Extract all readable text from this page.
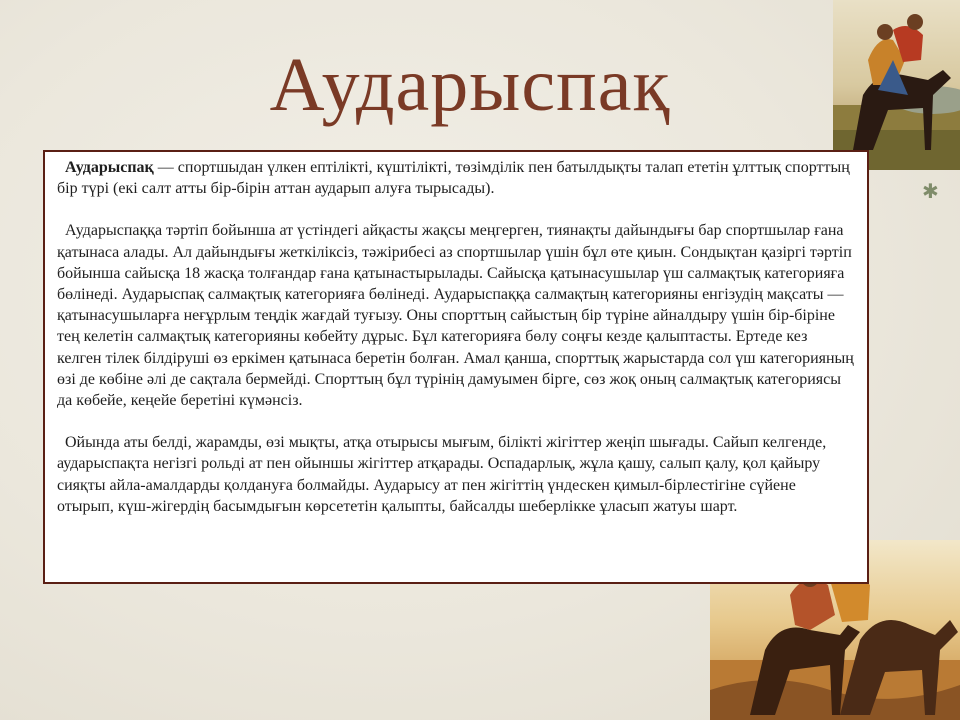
Аударыспақ
✱

Аударыспақ — спортшыдан үлкен ептілікті, күштілікті, төзімділік пен батылдықты талап ететін ұлттық спорттың бір түрі (екі салт атты бір-бірін аттан аударып алуға тырысады).

Аударыспаққа тәртіп бойынша ат үстіндегі айқасты жақсы меңгерген, тиянақты дайындығы бар спортшылар ғана қатынаса алады. Ал дайындығы жеткіліксіз, тәжірибесі аз спортшылар үшін бұл өте қиын. Сондықтан қазіргі тәртіп бойынша сайысқа 18 жасқа толғандар ғана қатынастырылады. Сайысқа қатынасушылар үш салмақтық категорияға бөлінеді. Аударыспақ салмақтық категорияға бөлінеді. Аударыспаққа салмақтың категорияны енгізудің мақсаты — қатынасушыларға неғұрлым теңдік жағдай туғызу. Оны спорттың сайыстың бір түріне айналдыру үшін бір-біріне тең келетін салмақтық категорияны көбейту дұрыс. Бұл категорияға бөлу соңғы кезде қалыптасты. Ертеде кез келген тілек білдіруші өз еркімен қатынаса беретін болған. Амал қанша, спорттық жарыстарда сол үш категорияның өзі де көбіне әлі де сақтала бермейді. Спорттың бұл түрінің дамуымен бірге, сөз жоқ оның салмақтық категориясы да көбейе, кеңейе беретіні күмәнсіз.

Ойында аты белді, жарамды, өзі мықты, атқа отырысы мығым, білікті жігіттер жеңіп шығады. Сайып келгенде, аударыспақта негізгі рольді ат пен ойыншы жігіттер атқарады. Оспадарлық, жұла қашу, салып қалу, қол қайыру сияқты айла-амалдарды қолдануға болмайды. Аударысу ат пен жігіттің үндескен қимыл-бірлестігіне сүйене отырып, күш-жігердің басымдығын көрсететін қалыпты, байсалды шеберлікке ұласып жатуы шарт.
